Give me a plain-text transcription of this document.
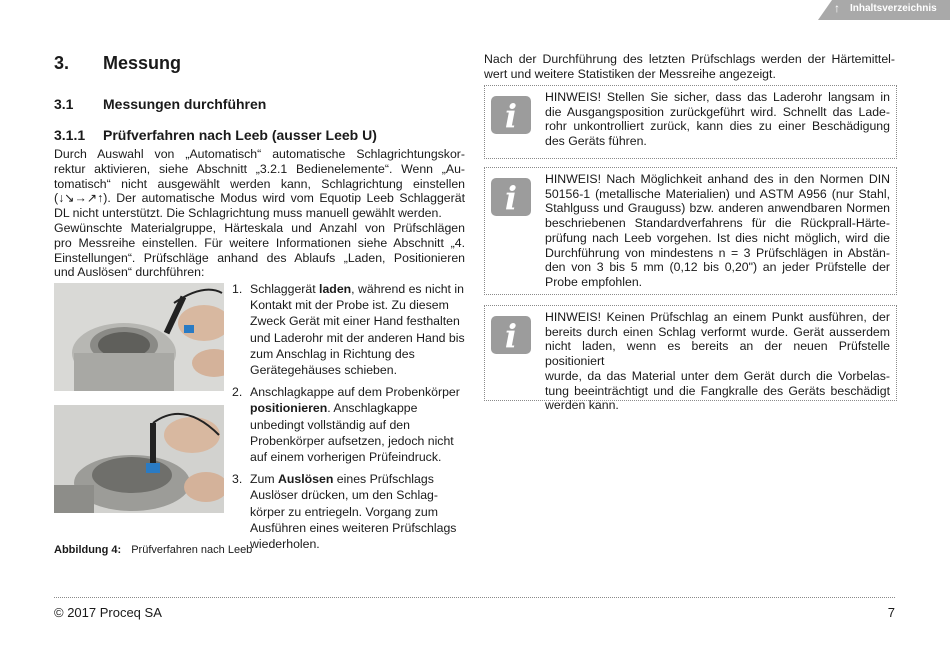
↑ Inhaltsverzeichnis
3. Messung
3.1 Messungen durchführen
3.1.1 Prüfverfahren nach Leeb (ausser Leeb U)
Durch Auswahl von „Automatisch“ automatische Schlagrichtungskor-
rektur aktivieren, siehe Abschnitt „3.2.1 Bedienelemente“. Wenn „Au-
tomatisch“ nicht ausgewählt werden kann, Schlagrichtung einstellen
(↓↘→↗↑). Der automatische Modus wird vom Equotip Leeb Schlaggerät
DL nicht unterstützt. Die Schlagrichtung muss manuell gewählt werden.
Gewünschte Materialgruppe, Härteskala und Anzahl von Prüfschlägen
pro Messreihe einstellen. Für weitere Informationen siehe Abschnitt „4.
Einstellungen“. Prüfschläge anhand des Ablaufs „Laden, Positionieren
und Auslösen“ durchführen:
1. Schlaggerät laden, während es nicht in Kontakt mit der Probe ist. Zu diesem Zweck Gerät mit einer Hand festhalten und Laderohr mit der anderen Hand bis zum Anschlag in Richtung des Gerätegehäuses schieben.
2. Anschlagkappe auf dem Probenkörper positionieren. Anschlagkappe unbedingt vollständig auf den Probenkörper aufsetzen, jedoch nicht auf einem vorherigen Prüfeindruck.
3. Zum Auslösen eines Prüfschlags Auslöser drücken, um den Schlagkörper zu entriegeln. Vorgang zum Ausführen eines weiteren Prüfschlags wiederholen.
Abbildung 4: Prüfverfahren nach Leeb
Nach der Durchführung des letzten Prüfschlags werden der Härtemittel-
wert und weitere Statistiken der Messreihe angezeigt.
i HINWEIS! Stellen Sie sicher, dass das Laderohr langsam in
die Ausgangsposition zurückgeführt wird. Schnellt das Lade-
rohr unkontrolliert zurück, kann dies zu einer Beschädigung
des Geräts führen.
i HINWEIS! Nach Möglichkeit anhand des in den Normen DIN
50156-1 (metallische Materialien) und ASTM A956 (nur Stahl,
Stahlguss und Grauguss) bzw. anderen anwendbaren Normen
beschriebenen Standardverfahrens für die Rückprall-Härte-
prüfung nach Leeb vorgehen. Ist dies nicht möglich, wird die
Durchführung von mindestens n = 3 Prüfschlägen in Abstän-
den von 3 bis 5 mm (0,12 bis 0,20") an jeder Prüfstelle der
Probe empfohlen.
i HINWEIS! Keinen Prüfschlag an einem Punkt ausführen, der
bereits durch einen Schlag verformt wurde. Gerät ausserdem
nicht laden, wenn es bereits an der neuen Prüfstelle positioniert
wurde, da das Material unter dem Gerät durch die Vorbelas-
tung beeinträchtigt und die Fangkralle des Geräts beschädigt
werden kann.
© 2017 Proceq SA	7
